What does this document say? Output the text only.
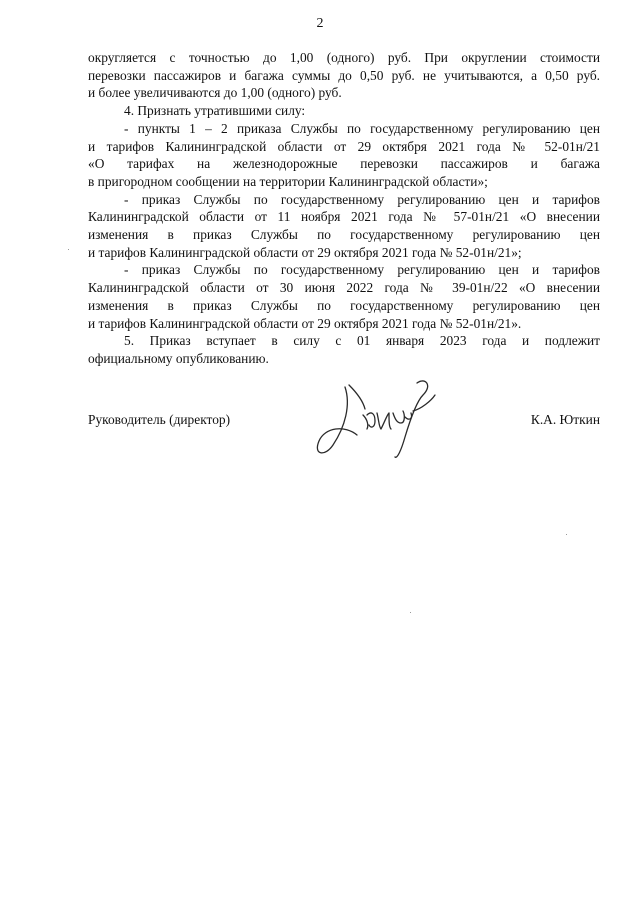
2

округляется с точностью до 1,00 (одного) руб. При округлении стоимости

перевозки пассажиров и багажа суммы до 0,50 руб. не учитываются, а 0,50 руб.

и более увеличиваются до 1,00 (одного) руб.

4. Признать утратившими силу:

- пункты 1 – 2 приказа Службы по государственному регулированию цен

и тарифов Калининградской области от 29 октября 2021 года № 52-01н/21

«О тарифах на железнодорожные перевозки пассажиров и багажа

в пригородном сообщении на территории Калининградской области»;

- приказ Службы по государственному регулированию цен и тарифов

Калининградской области от 11 ноября 2021 года № 57-01н/21 «О внесении

изменения в приказ Службы по государственному регулированию цен

и тарифов Калининградской области от 29 октября 2021 года № 52-01н/21»;

- приказ Службы по государственному регулированию цен и тарифов

Калининградской области от 30 июня 2022 года № 39-01н/22 «О внесении

изменения в приказ Службы по государственному регулированию цен

и тарифов Калининградской области от 29 октября 2021 года № 52-01н/21».

5. Приказ вступает в силу с 01 января 2023 года и подлежит

официальному опубликованию.

Руководитель (директор)	К.А. Юткин
